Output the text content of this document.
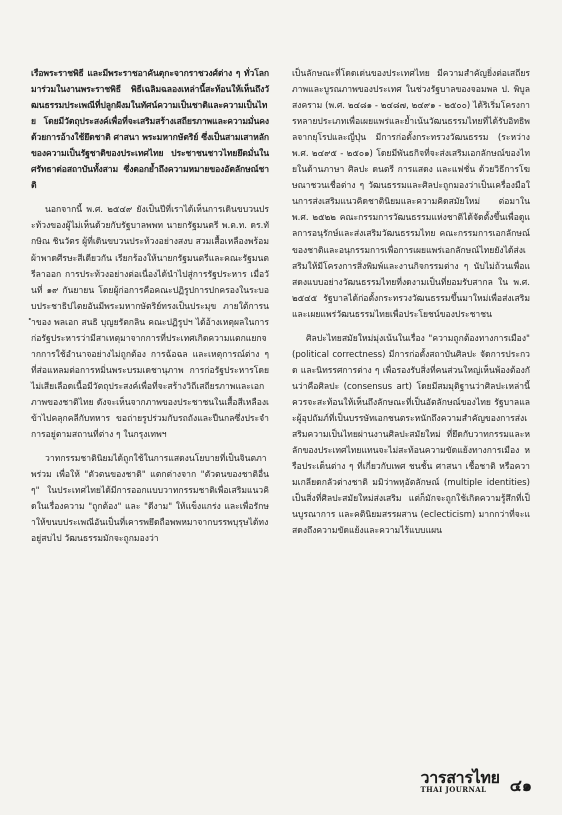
เรือพระราชพิธี และมีพระราชอาคันตุกะจากราชวงศ์ต่าง ๆ ทั่วโลกมาร่วมในงานพระราชพิธี พิธีเฉลิมฉลองเหล่านี้สะท้อนให้เห็นถึงวัฒนธรรมประเพณีที่ปลูกฝังมในทัศน์ความเป็นชาติและความเป็นไทย โดยมีวัตถุประสงค์เพื่อที่จะเสริมสร้างเสถียรภาพและความมั่นคงด้วยการอ้างใช้ยึดชาติ ศาสนา พระมหากษัตริย์ ซึ่งเป็นสามเสาหลักของความเป็นรัฐชาติของประเทศไทย ประชาชนชาวไทยยึดมั่นในศรัทธาต่อสถาบันทั้งสาม ซึ่งตอกย้ำถึงความหมายของอัตลักษณ์ชาติ

นอกจากนี้ พ.ศ. ๒๕๔๙ ยังเป็นปีที่เราได้เห็นการเดินขบวนประท้วงของผู้ไม่เห็นด้วยกับรัฐบาลพพท นายกรัฐมนตรี พ.ต.ท. ดร.ทักษิณ ชินวัตร ผู้ที่เดินขบวนประท้วงอย่างสงบ สวมเสื้อเหลืองพร้อมผ้าพาดศีรษะสีเดียวกัน เรียกร้องให้นายกรัฐมนตรีและคณะรัฐมนตรีลาออก การประท้วงอย่างต่อเนื่องได้นำไปสู่การรัฐประหาร เมื่อวันที่ ๑๙ กันยายน โดยผู้ก่อการคือคณะปฏิรูปการปกครองในระบอบประชาธิปไตยอันมีพระมหากษัตริย์ทรงเป็นประมุข ภายใต้การนำของ พลเอก สนธิ บุญยรัตกลิน คณะปฏิรูปฯ ได้อ้างเหตุผลในการก่อรัฐประหารว่ามีสาเหตุมาจากการที่ประเทศเกิดความแตกแยกจากการใช้อำนาจอย่างไม่ถูกต้อง การฉ้อฉล และเหตุการณ์ต่าง ๆ ที่ส่อแหลมต่อการหมิ่นพระบรมเดชานุภาพ การก่อรัฐประหารโดยไม่เสียเลือดเนื้อมีวัตถุประสงค์เพื่อที่จะสร้างวิถีเสถียรภาพและเอกภาพของชาติไทย ดังจะเห็นจากภาพของประชาชนในเสื้อสีเหลืองเข้าไปคลุกคลีกับทหาร ขอถ่ายรูปร่วมกับรถถังและปืนกลซึ่งประจำการอยู่ตามสถานที่ต่าง ๆ ในกรุงเทพฯ

วาทกรรมชาตินิยมได้ถูกใช้ในการแสดงนโยบายที่เป็นจินตภาพร่วม เพื่อให้ "ตัวตนของชาติ" แตกต่างจาก "ตัวตนของชาติอื่น ๆ" ในประเทศไทยได้มีการออกแบบวาทกรรมชาติเพื่อเสริมแนวคิดในเรื่องความ "ถูกต้อง" และ "ดีงาม" ให้แข็งแกร่ง และเพื่อรักษาให้ขนบประเพณีอันเป็นที่เคารพยึดถือพพหมาจากบรรพบุรุษได้ทงอยู่สบไป วัฒนธรรมมักจะถูกมองว่า

เป็นลักษณะที่โดดเด่นของประเทศไทย มีความสำคัญยิ่งต่อเสถียรภาพและบูรณภาพของประเทศ ในช่วงรัฐบาลของจอมพล ป. พิบูลสงคราม (พ.ศ. ๒๔๘๑ - ๒๔๘๗, ๒๔๙๑ - ๒๕๐๐) ได้ริเริ่มโครงการหลายประเภทเพื่อเผยแพร่และย้ำเน้นวัฒนธรรมไทยที่ได้รับอิทธิพลจากยุโรปและญี่ปุ่น มีการก่อตั้งกระทรวงวัฒนธรรม (ระหว่าง พ.ศ. ๒๔๙๕ - ๒๕๐๑) โดยมีพันธกิจที่จะส่งเสริมเอกลักษณ์ของไทยในด้านภาษา ศิลปะ ดนตรี การแสดง และแฟชั่น ด้วยวิธีการโฆษณาชวนเชื่อต่าง ๆ วัฒนธรรมและศิลปะถูกมองว่าเป็นเครื่องมือในการส่งเสริมแนวคิดชาตินิยมและความคิดสมัยใหม่ ต่อมาใน พ.ศ. ๒๕๒๒ คณะกรรมการวัฒนธรรมแห่งชาติได้จัดตั้งขึ้นเพื่อดูแลการอนุรักษ์และส่งเสริมวัฒนธรรมไทย คณะกรรมการเอกลักษณ์ของชาติและอนุกรรมการเพื่อการเผยแพร่เอกลักษณ์ไทยยังได้ส่งเสริมให้มีโครงการสิ่งพิมพ์และงานกิจกรรมต่าง ๆ นับไม่ถ้วนเพื่อแสดงแบบอย่างวัฒนธรรมไทยที่งดงามเป็นที่ยอมรับสากล ใน พ.ศ. ๒๕๔๕ รัฐบาลได้ก่อตั้งกระทรวงวัฒนธรรมขึ้นมาใหม่เพื่อส่งเสริมและเผยแพร่วัฒนธรรมไทยเพื่อประโยชน์ของประชาชน

ศิลปะไทยสมัยใหม่มุ่งเน้นในเรื่อง "ความถูกต้องทางการเมือง" (political correctness) มีการก่อตั้งสถาบันศิลปะ จัดการประกวด และนิทรรศการต่าง ๆ เพื่อรองรับสิ่งที่คนส่วนใหญ่เห็นพ้องต้องกันว่าคือศิลปะ (consensus art) โดยมีสมมุติฐานว่าศิลปะเหล่านี้ควรจะสะท้อนให้เห็นถึงลักษณะที่เป็นอัตลักษณ์ของไทย รัฐบาลและผู้อุปถัมภ์ที่เป็นบรรษัทเอกชนตระหนักถึงความสำคัญของการส่งเสริมความเป็นไทยผ่านงานศิลปะสมัยใหม่ ที่ยึดกับวาทกรรมและหลักของประเทศไทยแทนจะไม่สะท้อนความขัดแย้งทางการเมือง หรือประเด็นต่าง ๆ ที่เกี่ยวกับเพศ ชนชั้น ศาสนา เชื้อชาติ หรือความเกลียดกลัวต่างชาติ มมิว่าพหุอัตลักษณ์ (multiple identities) เป็นสิ่งที่ศิลปะสมัยใหม่ส่งเสริม แต่ก็มักจะถูกใช้เกิดความรู้สึกที่เป็นบูรณาการ และคตินิยมสรรผสาน (eclecticism) มากกว่าที่จะแสดงถึงความขัดแย้งและความไร้แบบแผน

วารสารไทย
THAI JOURNAL ๔๑
